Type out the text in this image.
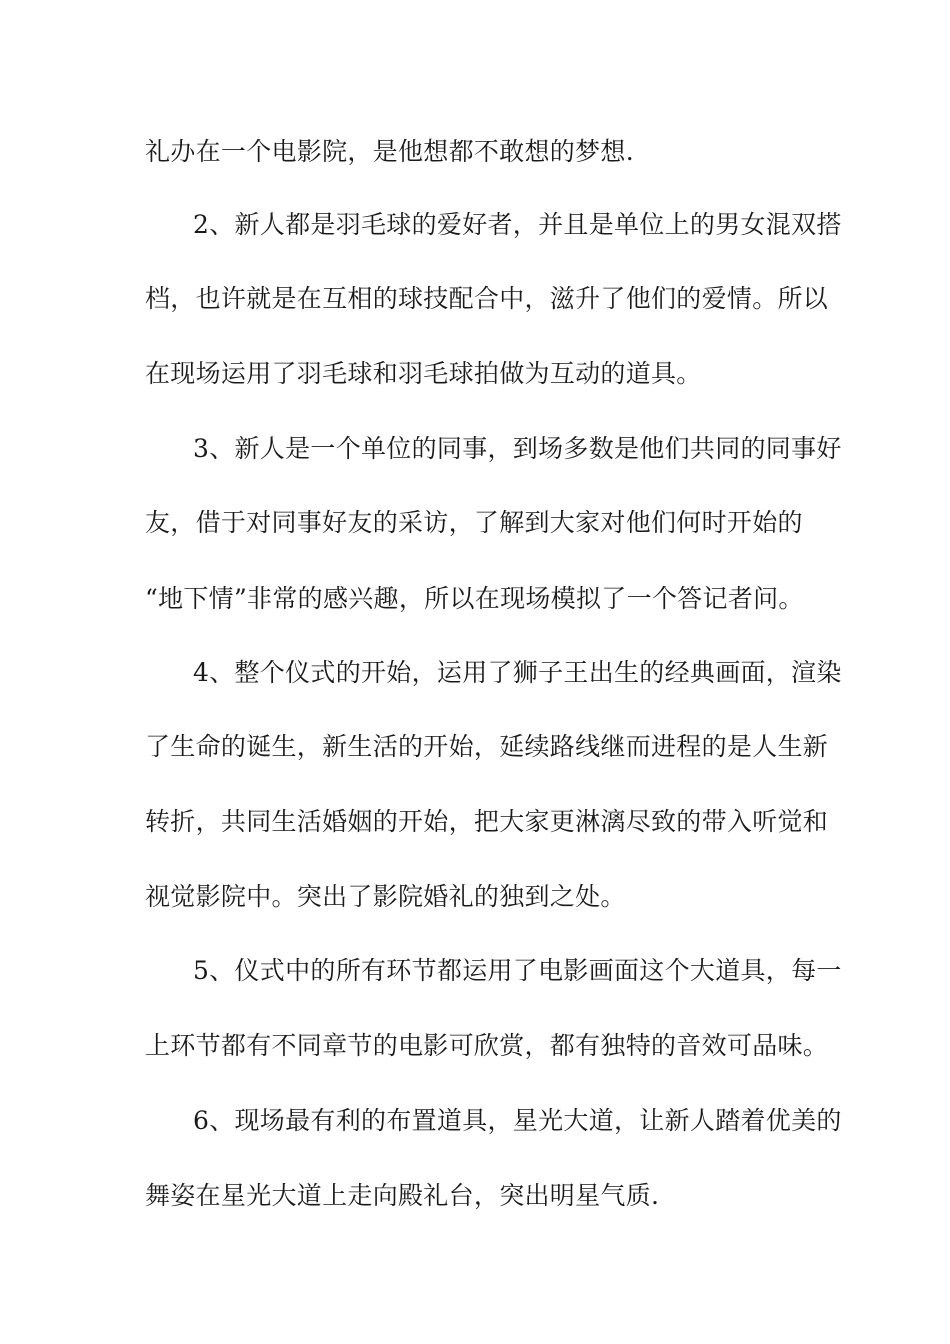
礼办在一个电影院，是他想都不敢想的梦想.
2、新人都是羽毛球的爱好者，并且是单位上的男女混双搭
档，也许就是在互相的球技配合中，滋升了他们的爱情。所以
在现场运用了羽毛球和羽毛球拍做为互动的道具。
3、新人是一个单位的同事，到场多数是他们共同的同事好
友，借于对同事好友的采访，了解到大家对他们何时开始的
“地下情”非常的感兴趣，所以在现场模拟了一个答记者问。
4、整个仪式的开始，运用了狮子王出生的经典画面，渲染
了生命的诞生，新生活的开始，延续路线继而进程的是人生新
转折，共同生活婚姻的开始，把大家更淋漓尽致的带入听觉和
视觉影院中。突出了影院婚礼的独到之处。
5、仪式中的所有环节都运用了电影画面这个大道具，每一
上环节都有不同章节的电影可欣赏，都有独特的音效可品味。
6、现场最有利的布置道具，星光大道，让新人踏着优美的
舞姿在星光大道上走向殿礼台，突出明星气质.
